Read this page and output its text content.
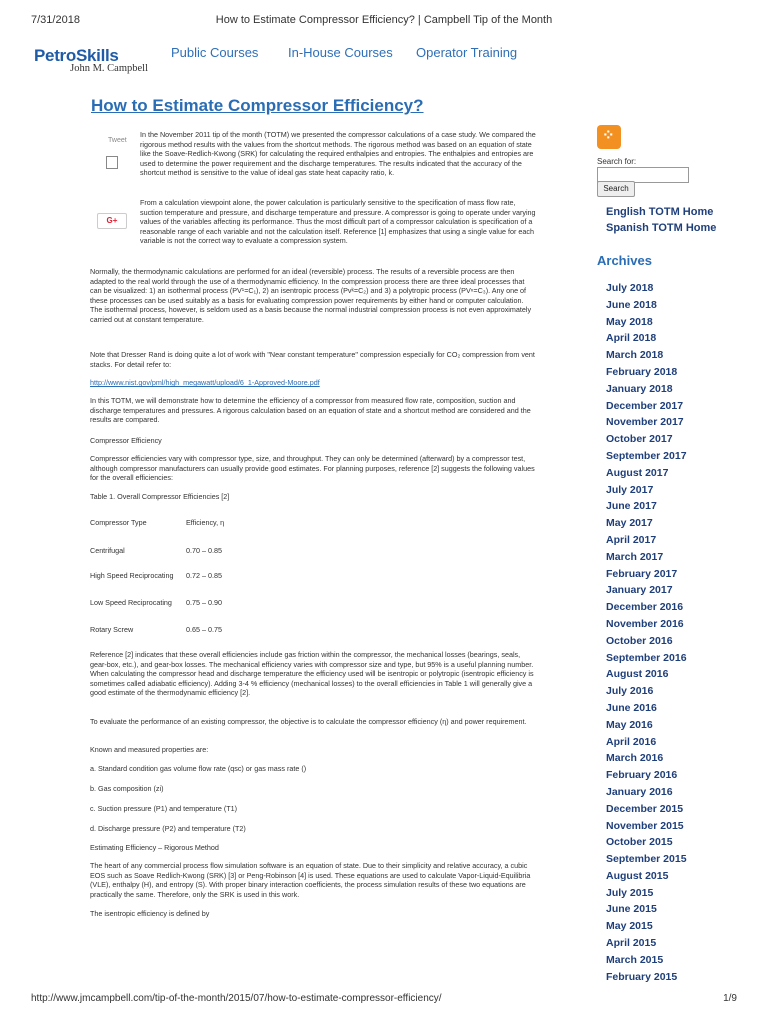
7/31/2018	How to Estimate Compressor Efficiency? | Campbell Tip of the Month
PetroSkills
John M. Campbell
Public Courses In-House Courses Operator Training
How to Estimate Compressor Efficiency?
Tweet
G+
In the November 2011 tip of the month (TOTM) we presented the compressor calculations of a case study. We compared the rigorous method results with the values from the shortcut methods. The rigorous method was based on an equation of state like the Soave-Redlich-Kwong (SRK) for calculating the required enthalpies and entropies. The enthalpies and entropies are used to determine the power requirement and the discharge temperatures. The results indicated that the accuracy of the shortcut method is sensitive to the value of ideal gas state heat capacity ratio, k.
From a calculation viewpoint alone, the power calculation is particularly sensitive to the specification of mass flow rate, suction temperature and pressure, and discharge temperature and pressure. A compressor is going to operate under varying values of the variables affecting its performance. Thus the most difficult part of a compressor calculation is specification of a reasonable range of each variable and not the calculation itself. Reference [1] emphasizes that using a single value for each variable is not the correct way to evaluate a compression system.
Normally, the thermodynamic calculations are performed for an ideal (reversible) process. The results of a reversible process are then adapted to the real world through the use of a thermodynamic efficiency. In the compression process there are three ideal processes that can be visualized: 1) an isothermal process (PV¹=C₁), 2) an isentropic process (Pvᵏ=C₂) and 3) a polytropic process (PVⁿ=C₃). Any one of these processes can be used suitably as a basis for evaluating compression power requirements by either hand or computer calculation. The isothermal process, however, is seldom used as a basis because the normal industrial compression process is not even approximately carried out at constant temperature.
Note that Dresser Rand is doing quite a lot of work with "Near constant temperature" compression especially for CO₂ compression from vent stacks. For detail refer to:
http://www.nist.gov/pml/high_megawatt/upload/6_1-Approved-Moore.pdf
In this TOTM, we will demonstrate how to determine the efficiency of a compressor from measured flow rate, composition, suction and discharge temperatures and pressures. A rigorous calculation based on an equation of state and a shortcut method are considered and the results are compared.
Compressor Efficiency
Compressor efficiencies vary with compressor type, size, and throughput. They can only be determined (afterward) by a compressor test, although compressor manufacturers can usually provide good estimates. For planning purposes, reference [2] suggests the following values for the overall efficiencies:
Table 1. Overall Compressor Efficiencies [2]
Compressor Type	Efficiency, η
Centrifugal	0.70 – 0.85
High Speed Reciprocating 0.72 – 0.85
Low Speed Reciprocating 0.75 – 0.90
Rotary Screw	0.65 – 0.75
Reference [2] indicates that these overall efficiencies include gas friction within the compressor, the mechanical losses (bearings, seals, gear-box, etc.), and gear-box losses. The mechanical efficiency varies with compressor size and type, but 95% is a useful planning number. When calculating the compressor head and discharge temperature the efficiency used will be isentropic or polytropic (isentropic efficiency is sometimes called adiabatic efficiency). Adding 3-4 % efficiency (mechanical losses) to the overall efficiencies in Table 1 will generally give a good estimate of the thermodynamic efficiency [2].
To evaluate the performance of an existing compressor, the objective is to calculate the compressor efficiency (η) and power requirement.
Known and measured properties are:
a. Standard condition gas volume flow rate (qsc) or gas mass rate ()
b. Gas composition (zi)
c. Suction pressure (P1) and temperature (T1)
d. Discharge pressure (P2) and temperature (T2)
Estimating Efficiency – Rigorous Method
The heart of any commercial process flow simulation software is an equation of state. Due to their simplicity and relative accuracy, a cubic EOS such as Soave Redlich-Kwong (SRK) [3] or Peng-Robinson [4] is used. These equations are used to calculate Vapor-Liquid-Equilibria (VLE), enthalpy (H), and entropy (S). With proper binary interaction coefficients, the process simulation results of these two equations are practically the same. Therefore, only the SRK is used in this work.
The isentropic efficiency is defined by
⁘
Search for:
Search
English TOTM Home
Spanish TOTM Home
Archives
July 2018
June 2018
May 2018
April 2018
March 2018
February 2018
January 2018
December 2017
November 2017
October 2017
September 2017
August 2017
July 2017
June 2017
May 2017
April 2017
March 2017
February 2017
January 2017
December 2016
November 2016
October 2016
September 2016
August 2016
July 2016
June 2016
May 2016
April 2016
March 2016
February 2016
January 2016
December 2015
November 2015
October 2015
September 2015
August 2015
July 2015
June 2015
May 2015
April 2015
March 2015
February 2015
http://www.jmcampbell.com/tip-of-the-month/2015/07/how-to-estimate-compressor-efficiency/	1/9
